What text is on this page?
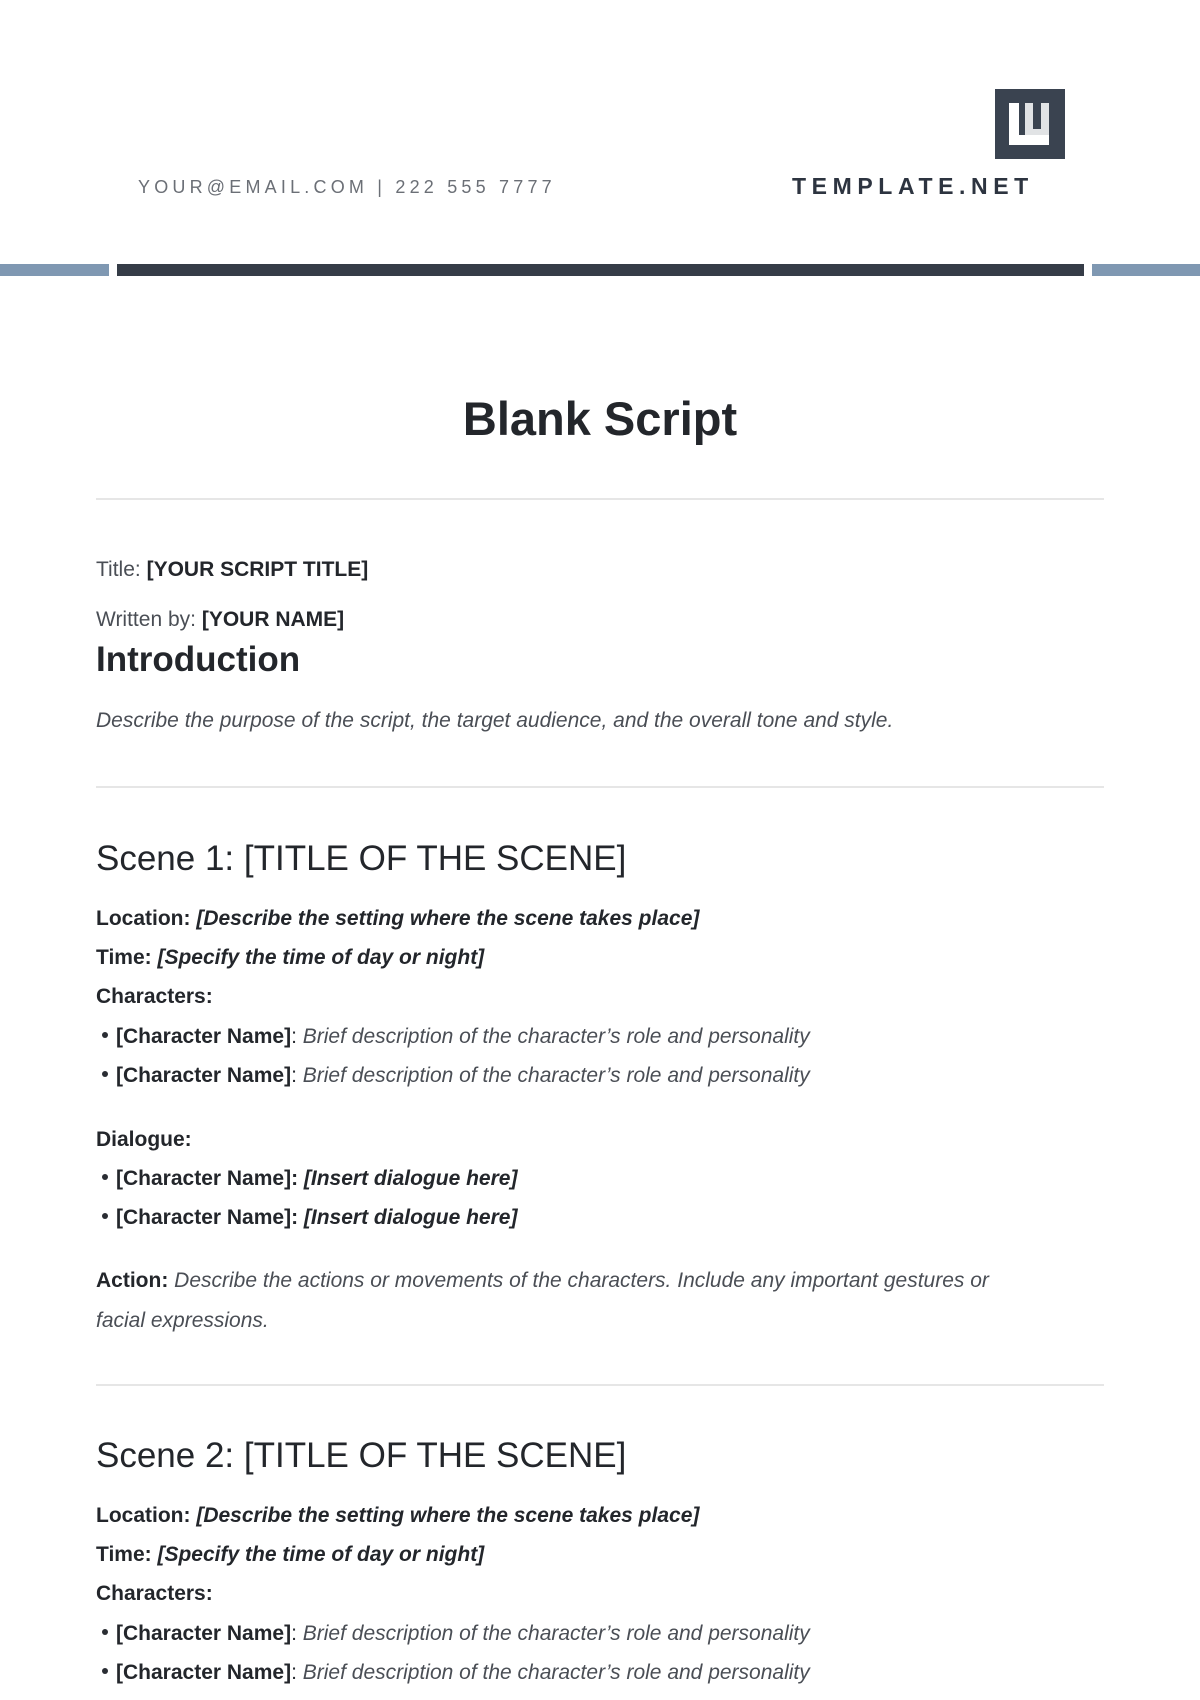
YOUR@EMAIL.COM | 222 555 7777	TEMPLATE.NET
Blank Script
Title: [YOUR SCRIPT TITLE]
Written by: [YOUR NAME]
Introduction
Describe the purpose of the script, the target audience, and the overall tone and style.
Scene 1: [TITLE OF THE SCENE]
Location: [Describe the setting where the scene takes place]
Time: [Specify the time of day or night]
Characters:
[Character Name]: Brief description of the character’s role and personality
[Character Name]: Brief description of the character’s role and personality
Dialogue:
[Character Name]: [Insert dialogue here]
[Character Name]: [Insert dialogue here]
Action: Describe the actions or movements of the characters. Include any important gestures or
facial expressions.
Scene 2: [TITLE OF THE SCENE]
Location: [Describe the setting where the scene takes place]
Time: [Specify the time of day or night]
Characters:
[Character Name]: Brief description of the character’s role and personality
[Character Name]: Brief description of the character’s role and personality
